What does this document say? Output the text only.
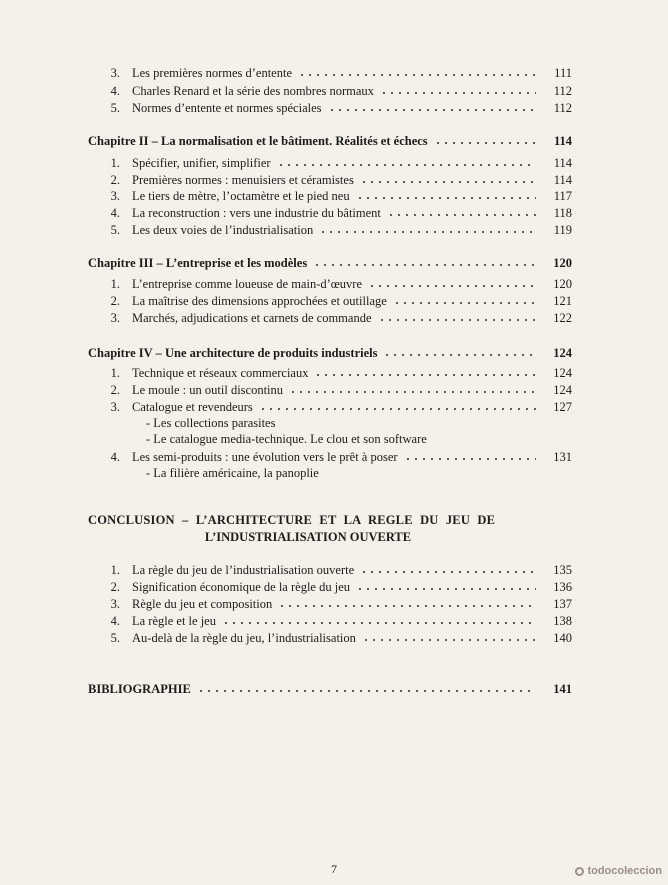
3. Les premières normes d’entente	111
4. Charles Renard et la série des nombres normaux	112
5. Normes d’entente et normes spéciales	112
Chapitre II – La normalisation et le bâtiment. Réalités et échecs	114
1. Spécifier, unifier, simplifier	114
2. Premières normes : menuisiers et céramistes	114
3. Le tiers de mètre, l’octamètre et le pied neu	117
4. La reconstruction : vers une industrie du bâtiment	118
5. Les deux voies de l’industrialisation	119
Chapitre III – L’entreprise et les modèles	120
1. L’entreprise comme loueuse de main-d’œuvre	120
2. La maîtrise des dimensions approchées et outillage	121
3. Marchés, adjudications et carnets de commande	122
Chapitre IV – Une architecture de produits industriels	124
1. Technique et réseaux commerciaux	124
2. Le moule : un outil discontinu	124
3. Catalogue et revendeurs	127
- Les collections parasites
- Le catalogue media-technique. Le clou et son software
4. Les semi-produits : une évolution vers le prêt à poser	131
- La filière américaine, la panoplie
CONCLUSION – L’ARCHITECTURE ET LA REGLE DU JEU DE
L’INDUSTRIALISATION OUVERTE
1. La règle du jeu de l’industrialisation ouverte	135
2. Signification économique de la règle du jeu	136
3. Règle du jeu et composition	137
4. La règle et le jeu	138
5. Au-delà de la règle du jeu, l’industrialisation	140
BIBLIOGRAPHIE	141
7	todocoleccion
